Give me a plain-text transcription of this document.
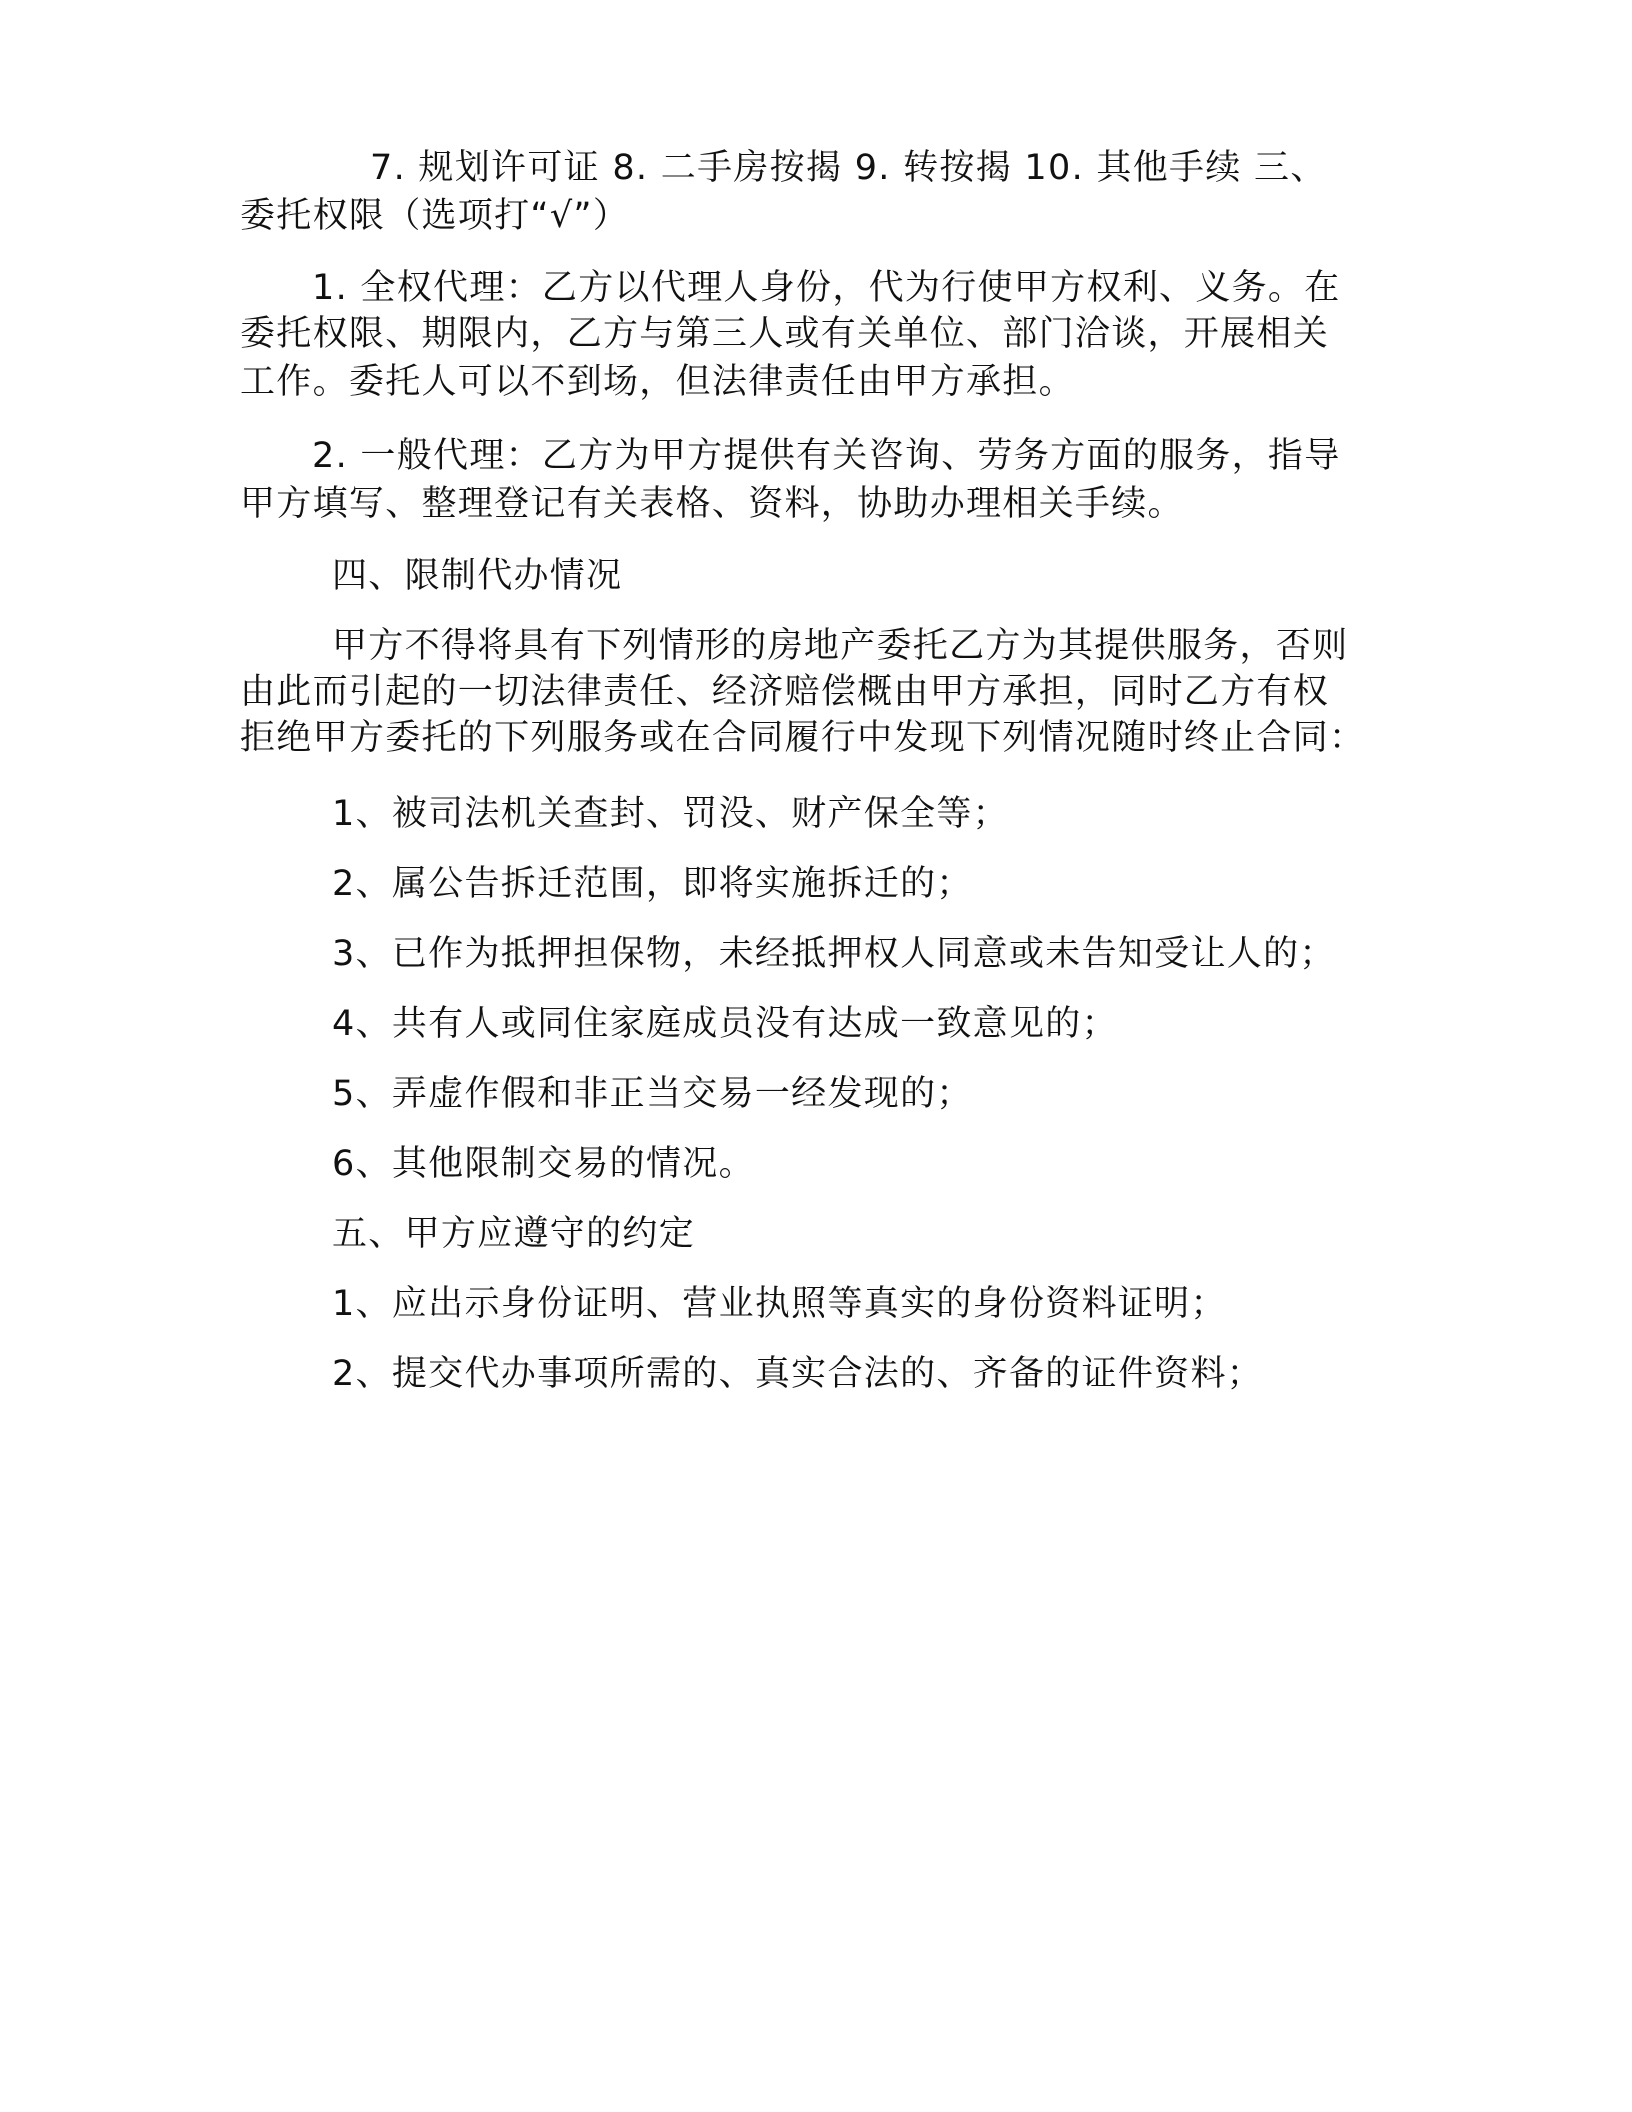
7. 规划许可证 8. 二手房按揭 9. 转按揭 10. 其他手续 三、
委托权限（选项打“√”）
1. 全权代理：乙方以代理人身份，代为行使甲方权利、义务。在
委托权限、期限内，乙方与第三人或有关单位、部门洽谈，开展相关
工作。委托人可以不到场，但法律责任由甲方承担。
2. 一般代理：乙方为甲方提供有关咨询、劳务方面的服务，指导
甲方填写、整理登记有关表格、资料，协助办理相关手续。
四、限制代办情况
甲方不得将具有下列情形的房地产委托乙方为其提供服务，否则
由此而引起的一切法律责任、经济赔偿概由甲方承担，同时乙方有权
拒绝甲方委托的下列服务或在合同履行中发现下列情况随时终止合同：
1、被司法机关查封、罚没、财产保全等；
2、属公告拆迁范围，即将实施拆迁的；
3、已作为抵押担保物，未经抵押权人同意或未告知受让人的；
4、共有人或同住家庭成员没有达成一致意见的；
5、弄虚作假和非正当交易一经发现的；
6、其他限制交易的情况。
五、甲方应遵守的约定
1、应出示身份证明、营业执照等真实的身份资料证明；
2、提交代办事项所需的、真实合法的、齐备的证件资料；
